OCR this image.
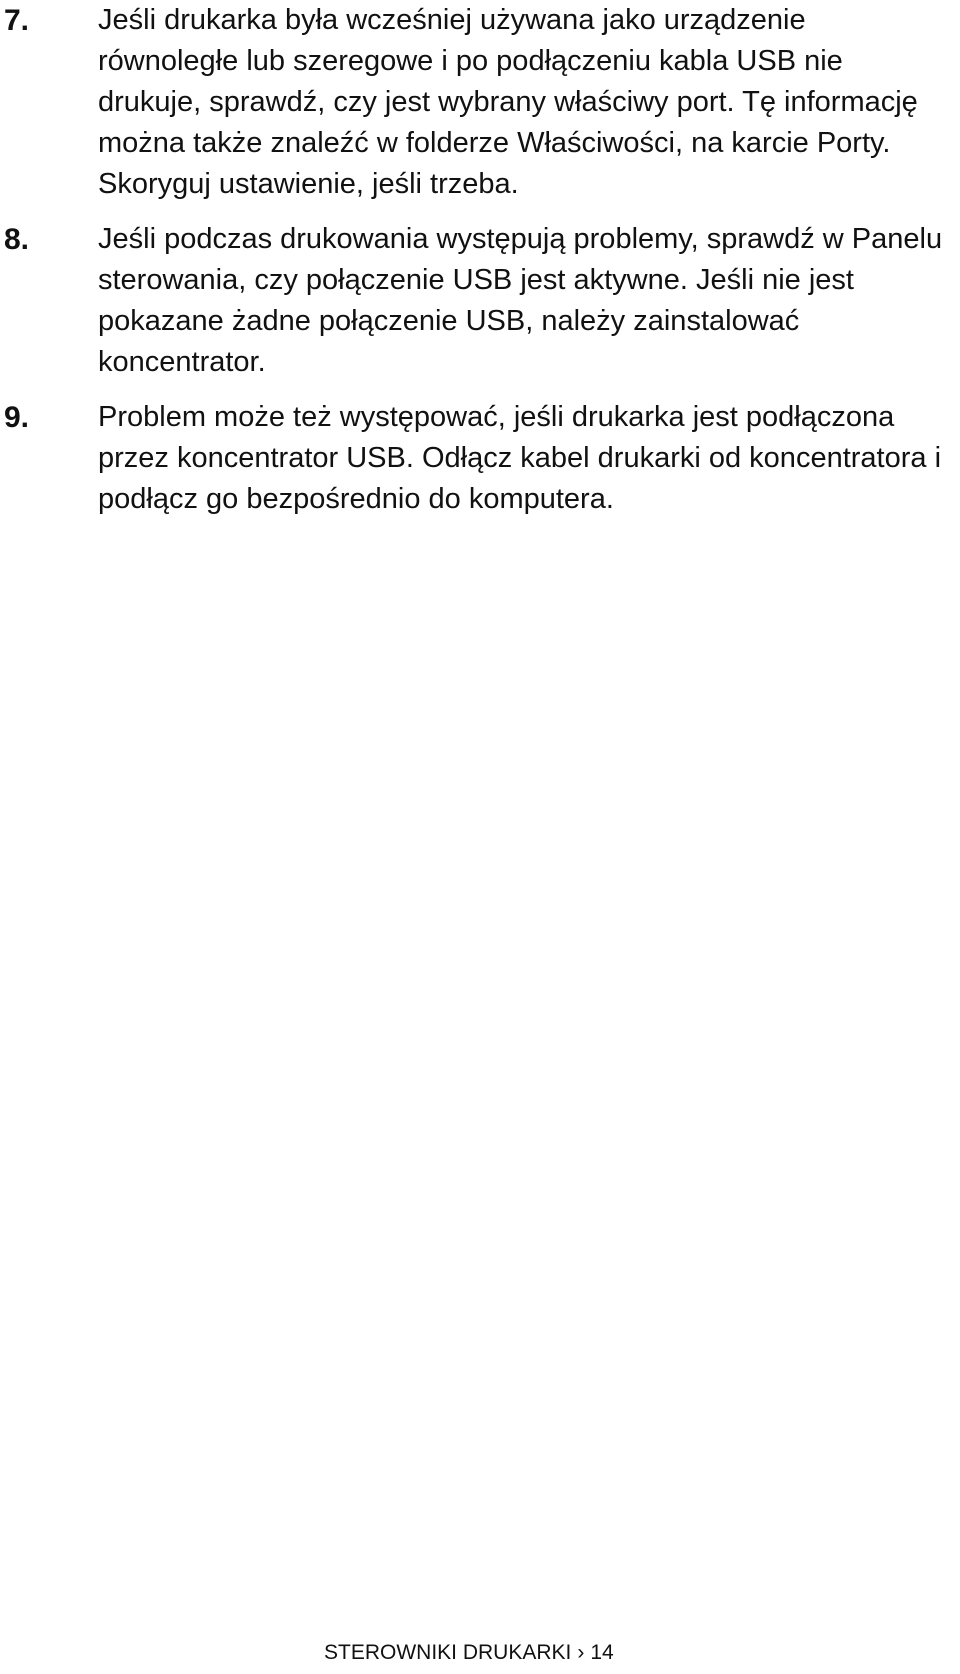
7. Jeśli drukarka była wcześniej używana jako urządzenie równoległe lub szeregowe i po podłączeniu kabla USB nie drukuje, sprawdź, czy jest wybrany właściwy port. Tę informację można także znaleźć w folderze Właściwości, na karcie Porty. Skoryguj ustawienie, jeśli trzeba.
8. Jeśli podczas drukowania występują problemy, sprawdź w Panelu sterowania, czy połączenie USB jest aktywne. Jeśli nie jest pokazane żadne połączenie USB, należy zainstalować koncentrator.
9. Problem może też występować, jeśli drukarka jest podłączona przez koncentrator USB. Odłącz kabel drukarki od koncentratora i podłącz go bezpośrednio do komputera.
STEROWNIKI DRUKARKI › 14
